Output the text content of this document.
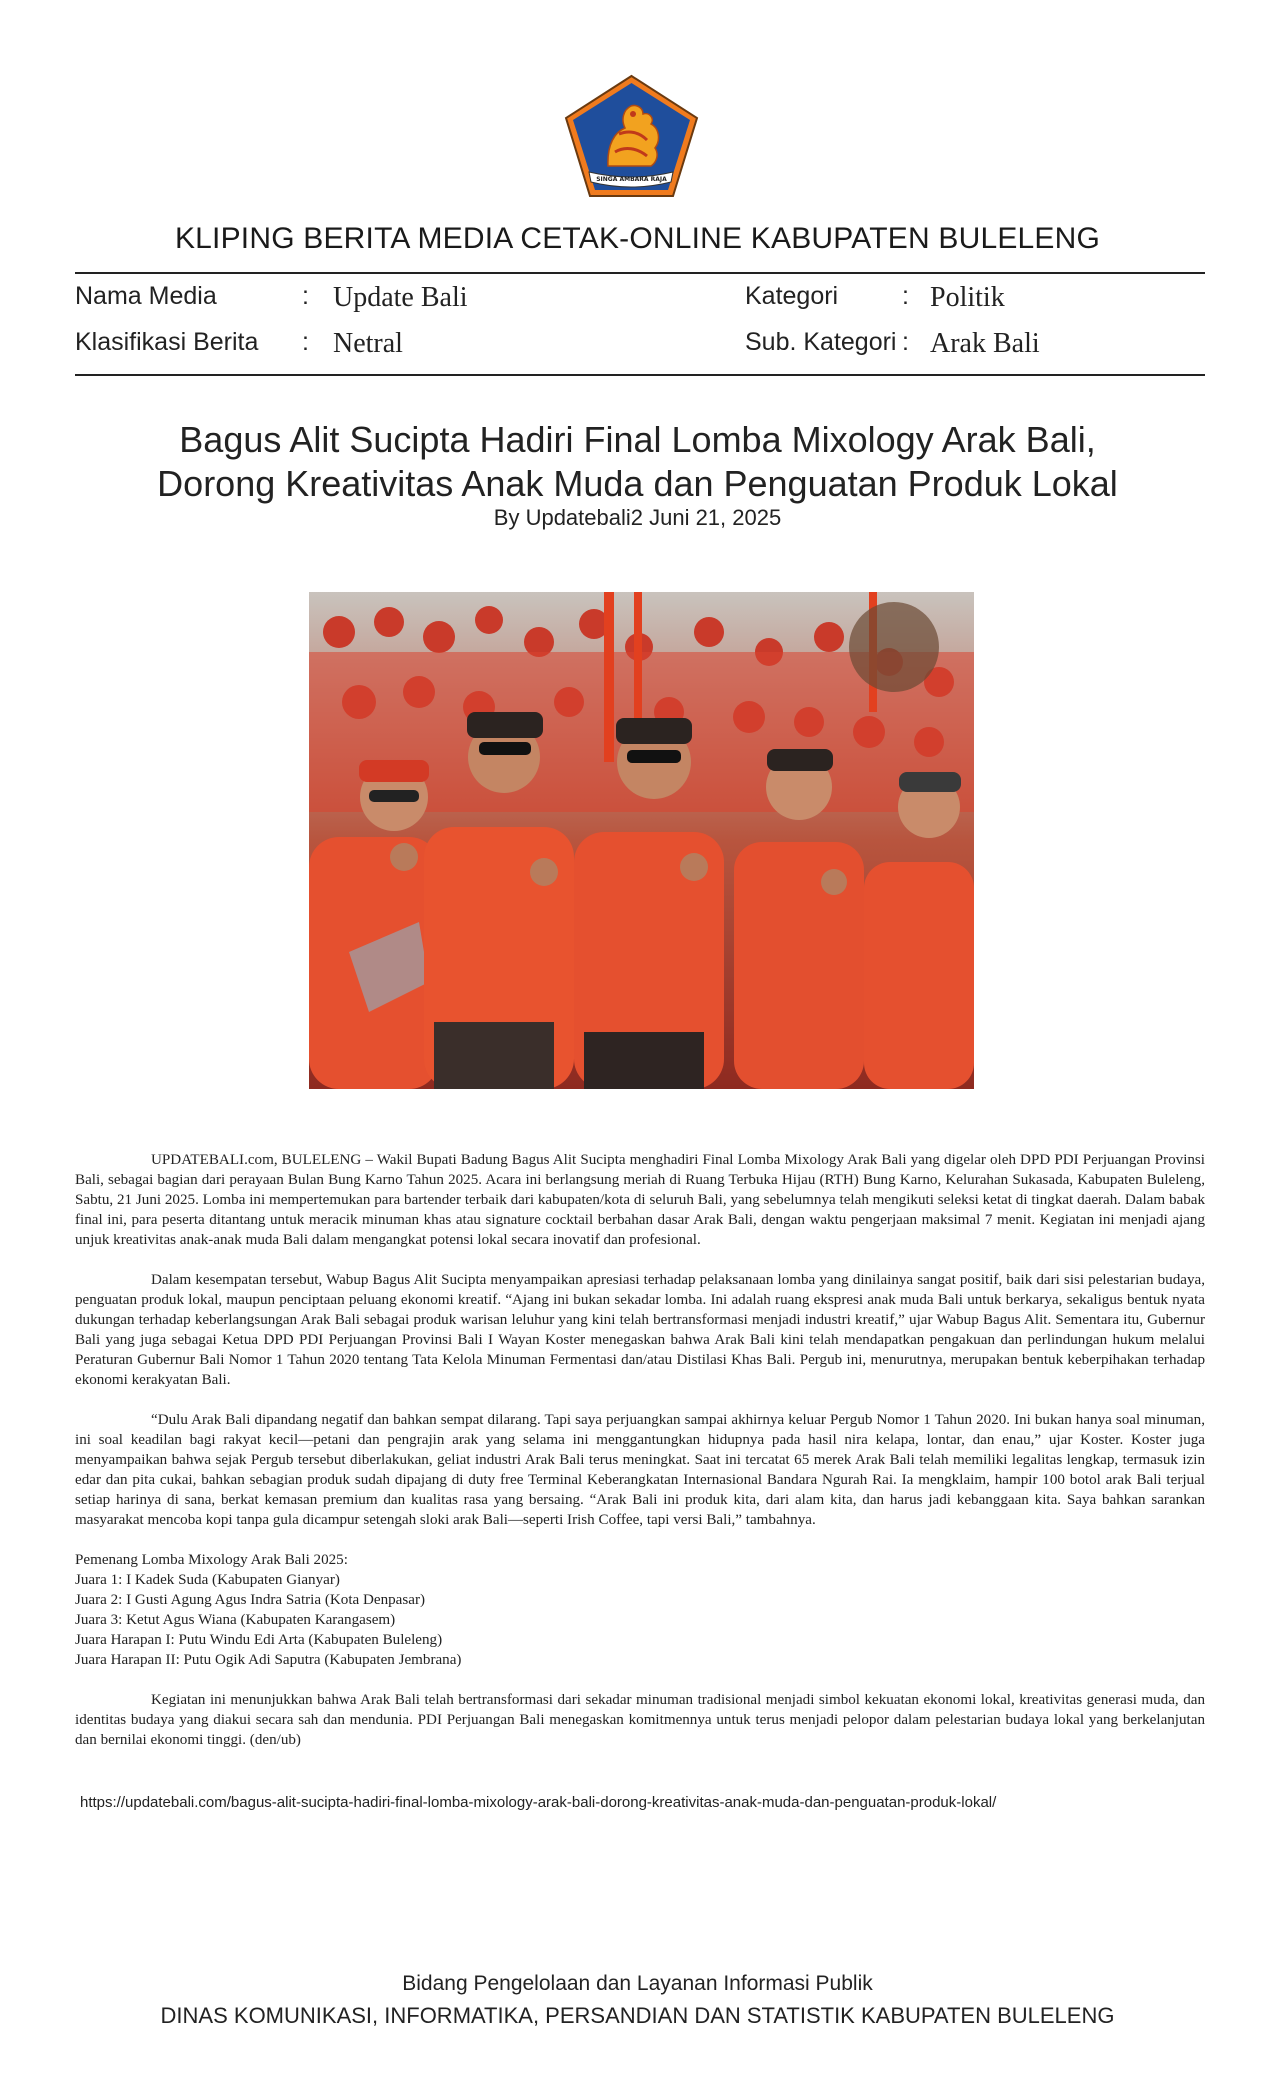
SINGA AMBARA RAJA
KLIPING BERITA MEDIA CETAK-ONLINE KABUPATEN BULELENG
Nama Media	: Update Bali
Klasifikasi Berita : Netral
Kategori	: Politik
Sub. Kategori : Arak Bali
Bagus Alit Sucipta Hadiri Final Lomba Mixology Arak Bali,
Dorong Kreativitas Anak Muda dan Penguatan Produk Lokal
By Updatebali2 Juni 21, 2025

UPDATEBALI.com, BULELENG – Wakil Bupati Badung Bagus Alit Sucipta menghadiri Final Lomba Mixology Arak Bali yang digelar oleh DPD PDI Perjuangan Provinsi Bali, sebagai bagian dari perayaan Bulan Bung Karno Tahun 2025. Acara ini berlangsung meriah di Ruang Terbuka Hijau (RTH) Bung Karno, Kelurahan Sukasada, Kabupaten Buleleng, Sabtu, 21 Juni 2025. Lomba ini mempertemukan para bartender terbaik dari kabupaten/kota di seluruh Bali, yang sebelumnya telah mengikuti seleksi ketat di tingkat daerah. Dalam babak final ini, para peserta ditantang untuk meracik minuman khas atau signature cocktail berbahan dasar Arak Bali, dengan waktu pengerjaan maksimal 7 menit. Kegiatan ini menjadi ajang unjuk kreativitas anak-anak muda Bali dalam mengangkat potensi lokal secara inovatif dan profesional.

Dalam kesempatan tersebut, Wabup Bagus Alit Sucipta menyampaikan apresiasi terhadap pelaksanaan lomba yang dinilainya sangat positif, baik dari sisi pelestarian budaya, penguatan produk lokal, maupun penciptaan peluang ekonomi kreatif. “Ajang ini bukan sekadar lomba. Ini adalah ruang ekspresi anak muda Bali untuk berkarya, sekaligus bentuk nyata dukungan terhadap keberlangsungan Arak Bali sebagai produk warisan leluhur yang kini telah bertransformasi menjadi industri kreatif,” ujar Wabup Bagus Alit. Sementara itu, Gubernur Bali yang juga sebagai Ketua DPD PDI Perjuangan Provinsi Bali I Wayan Koster menegaskan bahwa Arak Bali kini telah mendapatkan pengakuan dan perlindungan hukum melalui Peraturan Gubernur Bali Nomor 1 Tahun 2020 tentang Tata Kelola Minuman Fermentasi dan/atau Distilasi Khas Bali. Pergub ini, menurutnya, merupakan bentuk keberpihakan terhadap ekonomi kerakyatan Bali.

“Dulu Arak Bali dipandang negatif dan bahkan sempat dilarang. Tapi saya perjuangkan sampai akhirnya keluar Pergub Nomor 1 Tahun 2020. Ini bukan hanya soal minuman, ini soal keadilan bagi rakyat kecil—petani dan pengrajin arak yang selama ini menggantungkan hidupnya pada hasil nira kelapa, lontar, dan enau,” ujar Koster. Koster juga menyampaikan bahwa sejak Pergub tersebut diberlakukan, geliat industri Arak Bali terus meningkat. Saat ini tercatat 65 merek Arak Bali telah memiliki legalitas lengkap, termasuk izin edar dan pita cukai, bahkan sebagian produk sudah dipajang di duty free Terminal Keberangkatan Internasional Bandara Ngurah Rai. Ia mengklaim, hampir 100 botol arak Bali terjual setiap harinya di sana, berkat kemasan premium dan kualitas rasa yang bersaing. “Arak Bali ini produk kita, dari alam kita, dan harus jadi kebanggaan kita. Saya bahkan sarankan masyarakat mencoba kopi tanpa gula dicampur setengah sloki arak Bali—seperti Irish Coffee, tapi versi Bali,” tambahnya.

Pemenang Lomba Mixology Arak Bali 2025:
Juara 1: I Kadek Suda (Kabupaten Gianyar)
Juara 2: I Gusti Agung Agus Indra Satria (Kota Denpasar)
Juara 3: Ketut Agus Wiana (Kabupaten Karangasem)
Juara Harapan I: Putu Windu Edi Arta (Kabupaten Buleleng)
Juara Harapan II: Putu Ogik Adi Saputra (Kabupaten Jembrana)

Kegiatan ini menunjukkan bahwa Arak Bali telah bertransformasi dari sekadar minuman tradisional menjadi simbol kekuatan ekonomi lokal, kreativitas generasi muda, dan identitas budaya yang diakui secara sah dan mendunia. PDI Perjuangan Bali menegaskan komitmennya untuk terus menjadi pelopor dalam pelestarian budaya lokal yang berkelanjutan dan bernilai ekonomi tinggi. (den/ub)

https://updatebali.com/bagus-alit-sucipta-hadiri-final-lomba-mixology-arak-bali-dorong-kreativitas-anak-muda-dan-penguatan-produk-lokal/
Bidang Pengelolaan dan Layanan Informasi Publik
DINAS KOMUNIKASI, INFORMATIKA, PERSANDIAN DAN STATISTIK KABUPATEN BULELENG
